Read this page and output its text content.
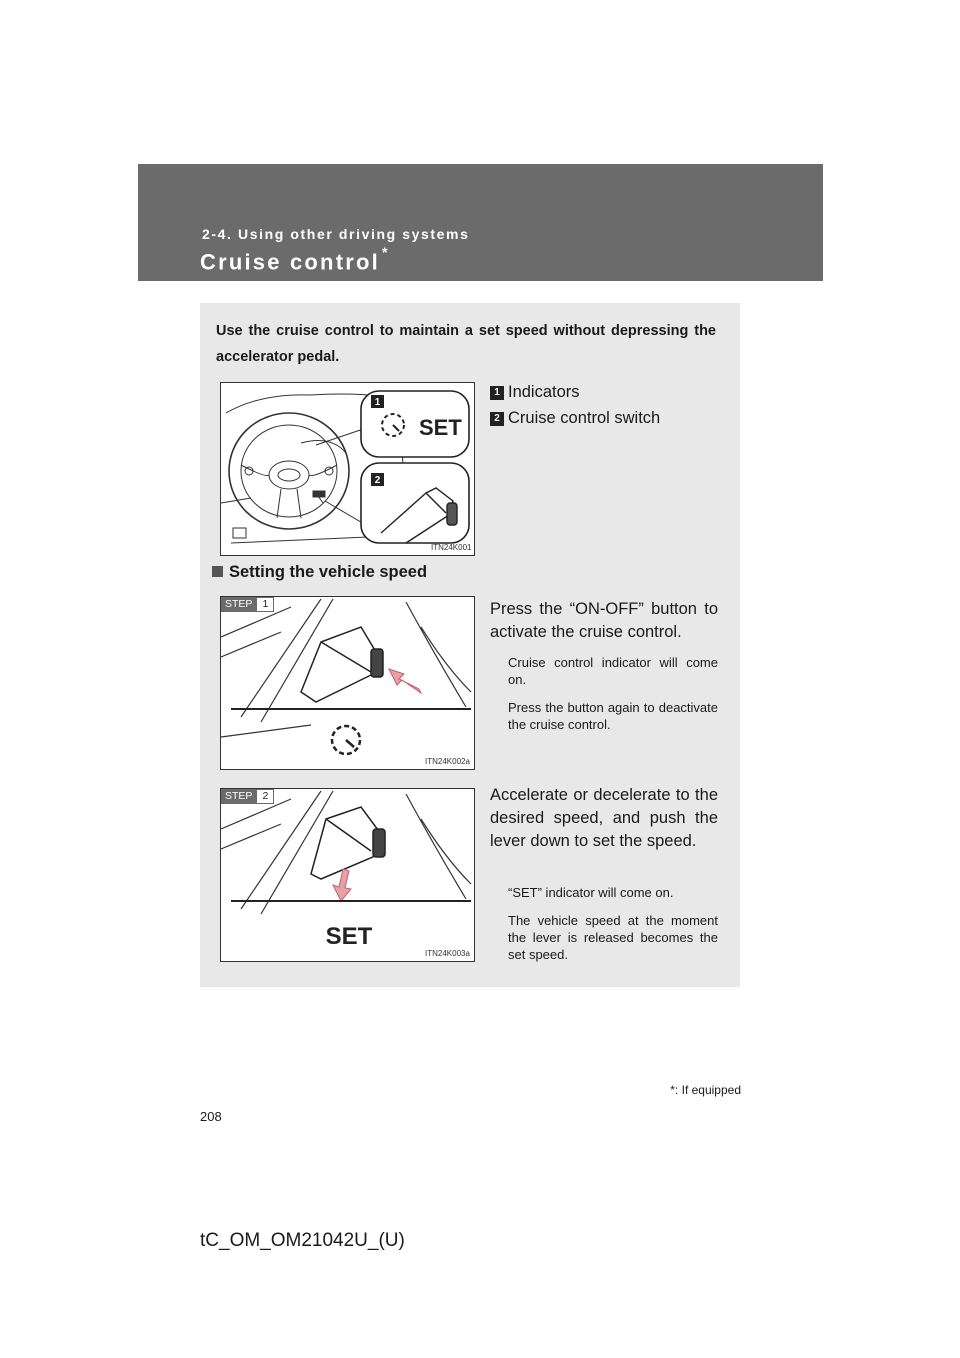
2-4. Using other driving systems
Cruise control *
Use the cruise control to maintain a set speed without depressing the accelerator pedal.
SET
1
2
ITN24K001
1 Indicators
2 Cruise control switch
Setting the vehicle speed
STEP 1
ITN24K002a
Press the “ON-OFF” button to activate the cruise control.
Cruise control indicator will come on.
Press the button again to deactivate the cruise control.
SET
STEP 2
ITN24K003a
Accelerate or decelerate to the desired speed, and push the lever down to set the speed.
“SET” indicator will come on.
The vehicle speed at the moment the lever is released becomes the set speed.
*: If equipped
208
tC_OM_OM21042U_(U)
